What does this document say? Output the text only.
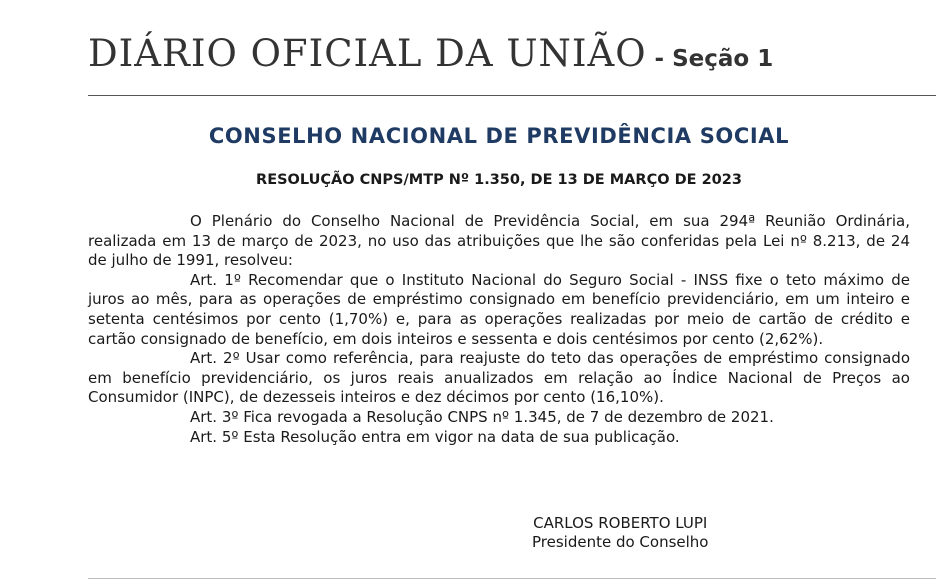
DIÁRIO OFICIAL DA UNIÃO - Seção 1
CONSELHO NACIONAL DE PREVIDÊNCIA SOCIAL
RESOLUÇÃO CNPS/MTP Nº 1.350, DE 13 DE MARÇO DE 2023

O Plenário do Conselho Nacional de Previdência Social, em sua 294ª Reunião Ordinária, realizada em 13 de março de 2023, no uso das atribuições que lhe são conferidas pela Lei nº 8.213, de 24 de julho de 1991, resolveu:

Art. 1º Recomendar que o Instituto Nacional do Seguro Social - INSS fixe o teto máximo de juros ao mês, para as operações de empréstimo consignado em benefício previdenciário, em um inteiro e setenta centésimos por cento (1,70%) e, para as operações realizadas por meio de cartão de crédito e cartão consignado de benefício, em dois inteiros e sessenta e dois centésimos por cento (2,62%).

Art. 2º Usar como referência, para reajuste do teto das operações de empréstimo consignado em benefício previdenciário, os juros reais anualizados em relação ao Índice Nacional de Preços ao Consumidor (INPC), de dezesseis inteiros e dez décimos por cento (16,10%).

Art. 3º Fica revogada a Resolução CNPS nº 1.345, de 7 de dezembro de 2021.

Art. 5º Esta Resolução entra em vigor na data de sua publicação.

CARLOS ROBERTO LUPI
Presidente do Conselho
